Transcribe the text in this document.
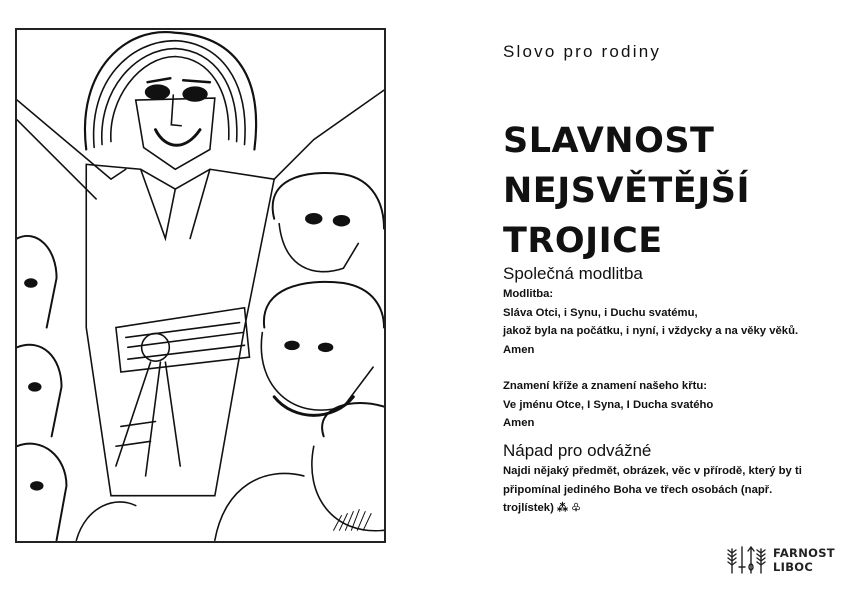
Slovo pro rodiny
SLAVNOST
NEJSVĚTĚJŠÍ
TROJICE
Společná modlitba

Modlitba:

Sláva Otci, i Synu, i Duchu svatému,

jakož byla na počátku, i nyní, i vždycky a na věky věků.

Amen

Znamení kříže a znamení našeho křtu:

Ve jménu Otce, I Syna, I Ducha svatého

Amen

Nápad pro odvážné

Najdi nějaký předmět, obrázek, věc v přírodě, který by ti

připomínal jediného Boha ve třech osobách (např.

trojlístek) ⁂ ♧

FARNOST
LIBOC
